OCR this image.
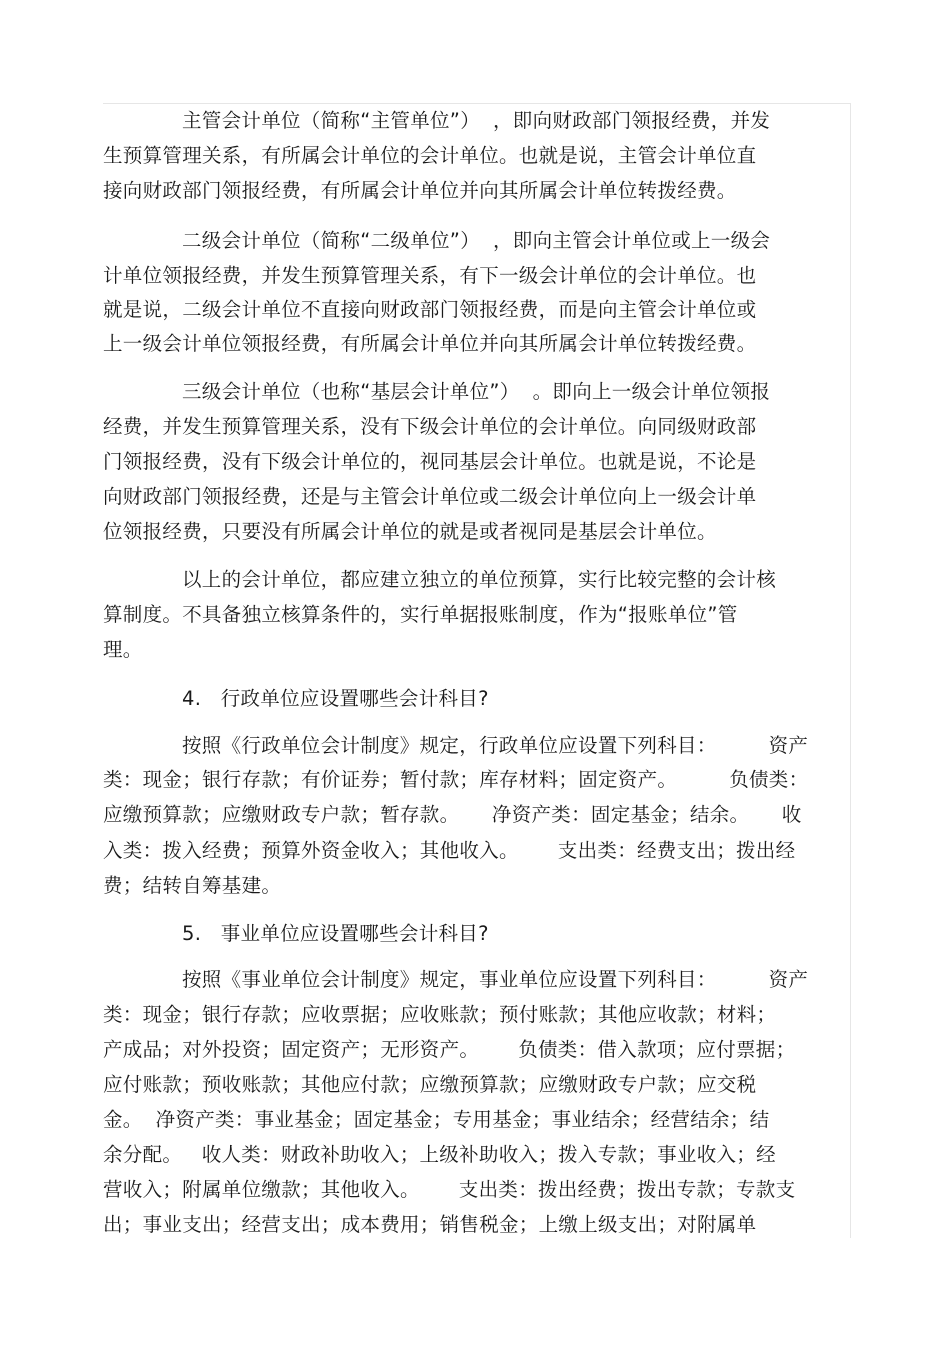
主管会计单位（简称“主管单位”）  ，即向财政部门领报经费，并发
生预算管理关系，有所属会计单位的会计单位。也就是说，主管会计单位直
接向财政部门领报经费，有所属会计单位并向其所属会计单位转拨经费。
二级会计单位（简称“二级单位”）  ，即向主管会计单位或上一级会
计单位领报经费，并发生预算管理关系，有下一级会计单位的会计单位。也
就是说，二级会计单位不直接向财政部门领报经费，而是向主管会计单位或
上一级会计单位领报经费，有所属会计单位并向其所属会计单位转拨经费。
三级会计单位（也称“基层会计单位”）  。即向上一级会计单位领报
经费，并发生预算管理关系，没有下级会计单位的会计单位。向同级财政部
门领报经费，没有下级会计单位的，视同基层会计单位。也就是说，不论是
向财政部门领报经费，还是与主管会计单位或二级会计单位向上一级会计单
位领报经费，只要没有所属会计单位的就是或者视同是基层会计单位。
以上的会计单位，都应建立独立的单位预算，实行比较完整的会计核
算制度。不具备独立核算条件的，实行单据报账制度，作为“报账单位”管
理。
4.   行政单位应设置哪些会计科目?
按照《行政单位会计制度》规定，行政单位应设置下列科目：        资产
类：现金；银行存款；有价证券；暂付款；库存材料；固定资产。        负债类：
应缴预算款；应缴财政专户款；暂存款。     净资产类：固定基金；结余。     收
入类：拨入经费；预算外资金收入；其他收入。      支出类：经费支出；拨出经
费；结转自筹基建。
5.   事业单位应设置哪些会计科目?
按照《事业单位会计制度》规定，事业单位应设置下列科目：        资产
类：现金；银行存款；应收票据；应收账款；预付账款；其他应收款；材料；
产成品；对外投资；固定资产；无形资产。      负债类：借入款项；应付票据；
应付账款；预收账款；其他应付款；应缴预算款；应缴财政专户款；应交税
金。  净资产类：事业基金；固定基金；专用基金；事业结余；经营结余；结
余分配。   收人类：财政补助收入；上级补助收入；拨入专款；事业收入；经
营收入；附属单位缴款；其他收入。      支出类：拨出经费；拨出专款；专款支
出；事业支出；经营支出；成本费用；销售税金；上缴上级支出；对附属单
